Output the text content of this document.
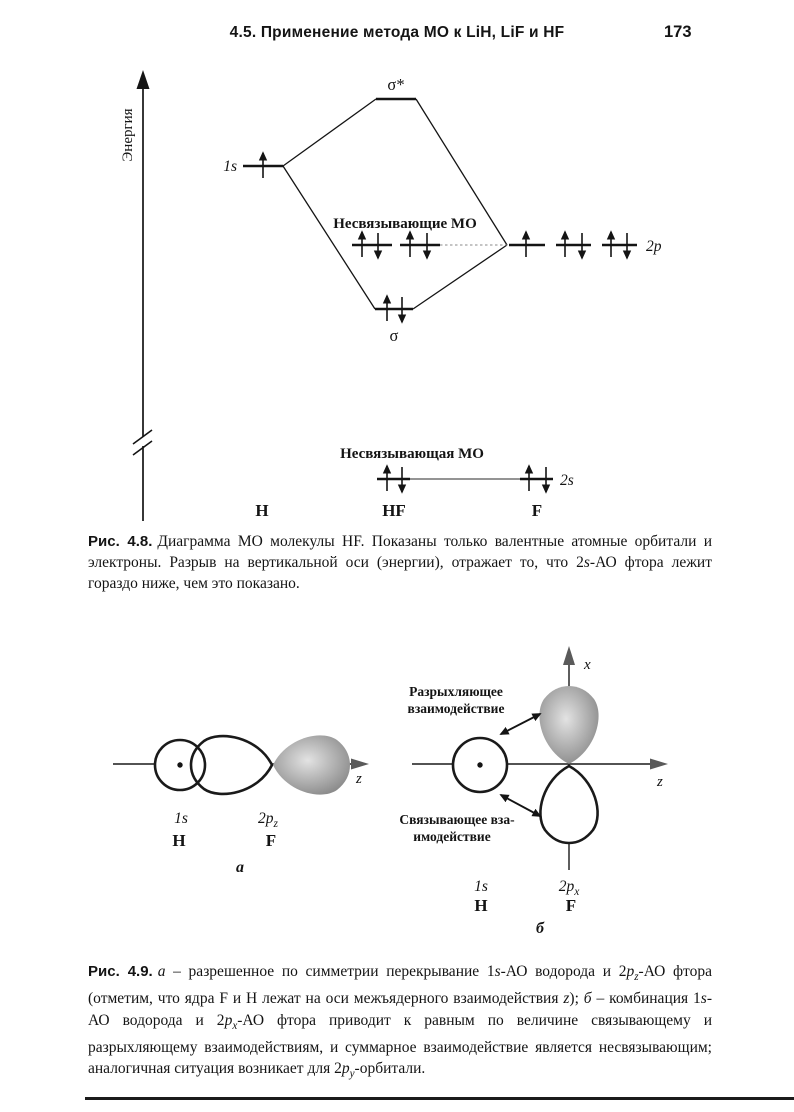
4.5. Применение метода МО к LiH, LiF и HF	173
Энергия
1s
σ*
σ
Несвязывающие МО
2p
Несвязывающая МО
2s
H	HF	F
z
1s	$2p_z$
H	F
а
x
z
Разрыхляющее
взаимодействие
Связывающее вза-
имодействие
1s	$2p_x$
H	F
б

Рис. 4.8. Диаграмма МО молекулы HF. Показаны только валентные атомные орбитали и электроны. Разрыв на вертикальной оси (энергии), отражает то, что 2s-АО фтора лежит гораздо ниже, чем это показано.

Рис. 4.9. а – разрешенное по симметрии перекрывание 1s-АО водорода и $2p_z-АО$ фтора (отметим, что ядра F и H лежат на оси межъядерного взаимодействия z); б – комбинация 1s-АО водорода и $2p_x-АО$ фтора приводит к равным по величине связывающему и разрыхляющему взаимодействиям, и суммарное взаимодействие является несвязывающим; аналогичная ситуация возникает для $2p_y$-орбитали.
